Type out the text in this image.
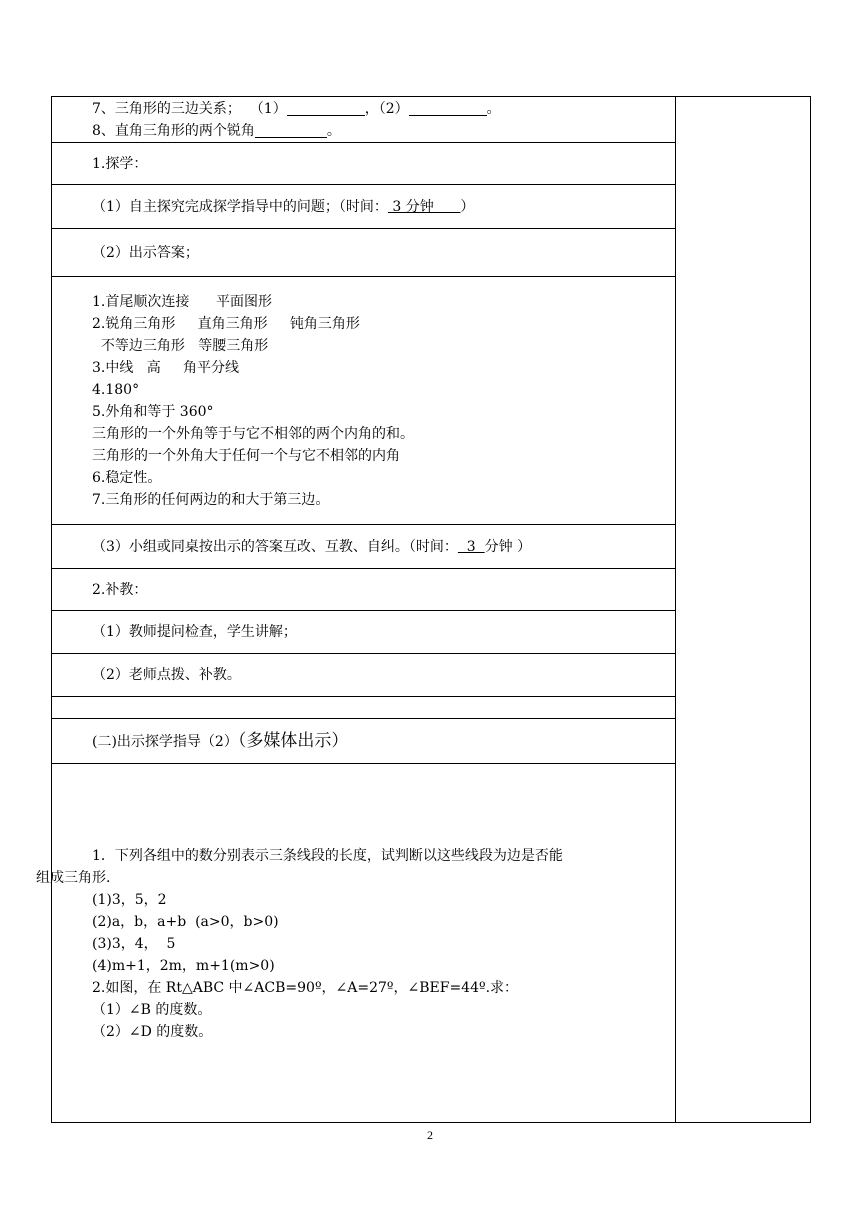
7、三角形的三边关系；  （1）	，（2）	。
8、直角三角形的两个锐角	。

1.探学：
（1）自主探究完成探学指导中的问题；（时间： 3 分钟      ）
（2）出示答案；

1.首尾顺次连接      平面图形
2.锐角三角形     直角三角形     钝角三角形
不等边三角形   等腰三角形
3.中线   高     角平分线
4.180°
5.外角和等于 360°
三角形的一个外角等于与它不相邻的两个内角的和。
三角形的一个外角大于任何一个与它不相邻的内角
6.稳定性。
7.三角形的任何两边的和大于第三边。

（3）小组或同桌按出示的答案互改、互教、自纠。（时间：  3  分钟 ）
2.补教：
（1）教师提问检查，学生讲解；
（2）老师点拨、补教。

(二)出示探学指导（2）（多媒体出示）

1．下列各组中的数分别表示三条线段的长度，试判断以这些线段为边是否能
组成三角形.
(1)3，5，2
(2)a，b，a+b  (a>0，b>0)
(3)3，4，  5
(4)m+1，2m，m+1(m>0)
2.如图，在 Rt△ABC 中∠ACB=90º，∠A=27º，∠BEF=44º.求：
（1）∠B 的度数。
（2）∠D 的度数。
2
